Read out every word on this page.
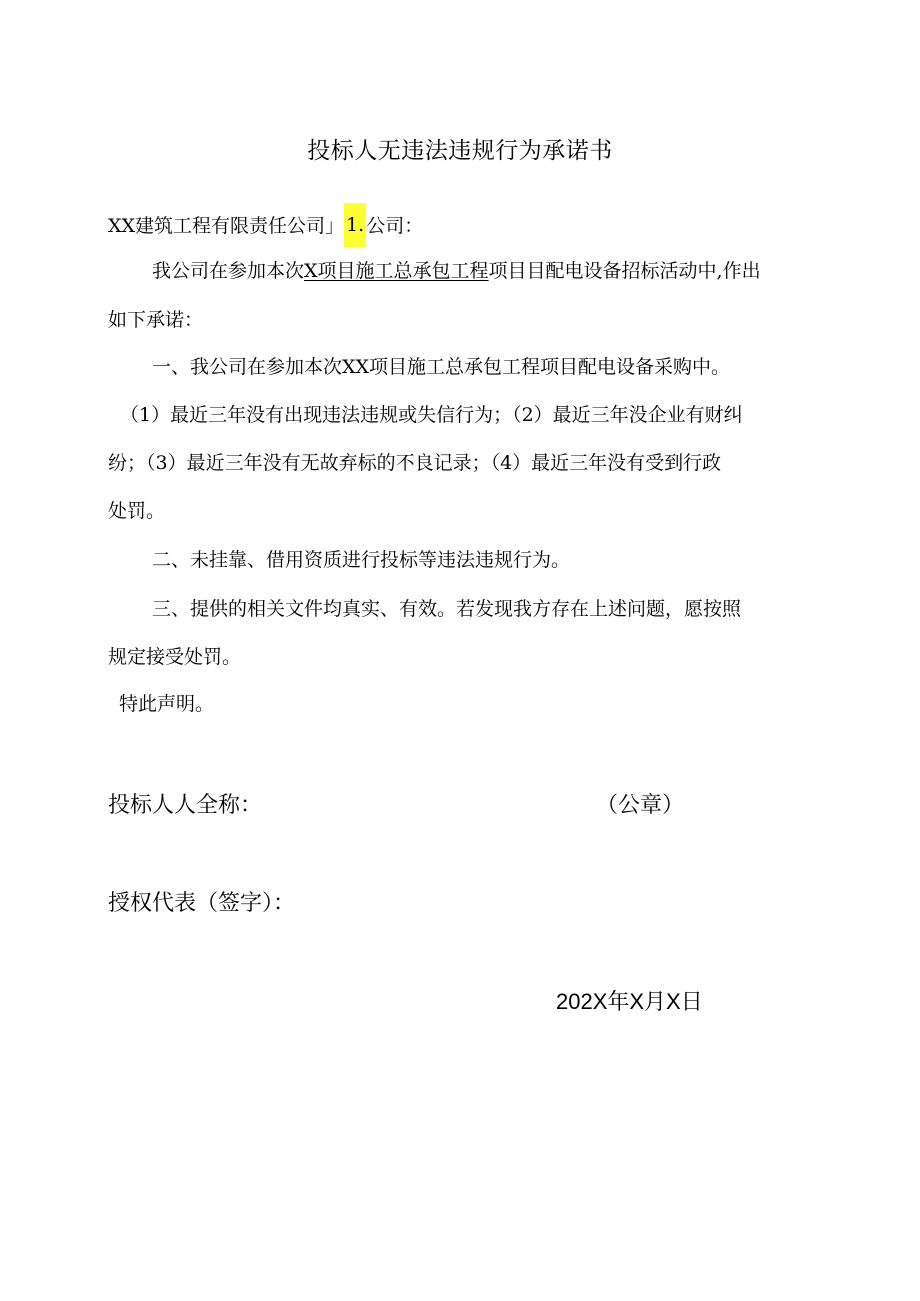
投标人无违法违规行为承诺书
XX建筑工程有限责任公司」 1. 公司：
我公司在参加本次X项目施工总承包工程项目目配电设备招标活动中,作出
如下承诺：
一、我公司在参加本次XX项目施工总承包工程项目配电设备采购中。
（1）最近三年没有出现违法违规或失信行为；（2）最近三年没企业有财纠
纷；（3）最近三年没有无故弃标的不良记录；（4）最近三年没有受到行政
处罚。
二、未挂靠、借用资质进行投标等违法违规行为。
三、提供的相关文件均真实、有效。若发现我方存在上述问题，愿按照
规定接受处罚。
特此声明。
投标人人全称：	（公章）
授权代表（签字）：
202X年X月X日
